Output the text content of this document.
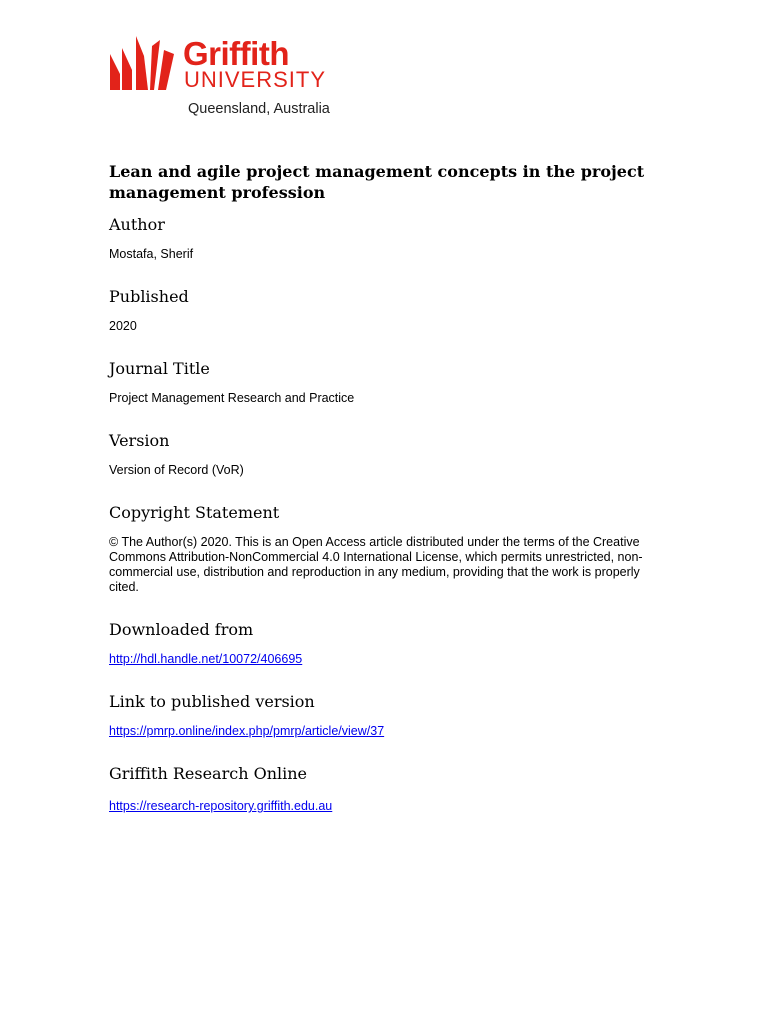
Griffith
UNIVERSITY
Queensland, Australia
Lean and agile project management concepts in the project management profession
Author
Mostafa, Sherif
Published
2020
Journal Title
Project Management Research and Practice
Version
Version of Record (VoR)
Copyright Statement
© The Author(s) 2020. This is an Open Access article distributed under the terms of the Creative Commons Attribution-NonCommercial 4.0 International License, which permits unrestricted, non-commercial use, distribution and reproduction in any medium, providing that the work is properly cited.
Downloaded from
http://hdl.handle.net/10072/406695
Link to published version
https://pmrp.online/index.php/pmrp/article/view/37
Griffith Research Online
https://research-repository.griffith.edu.au
